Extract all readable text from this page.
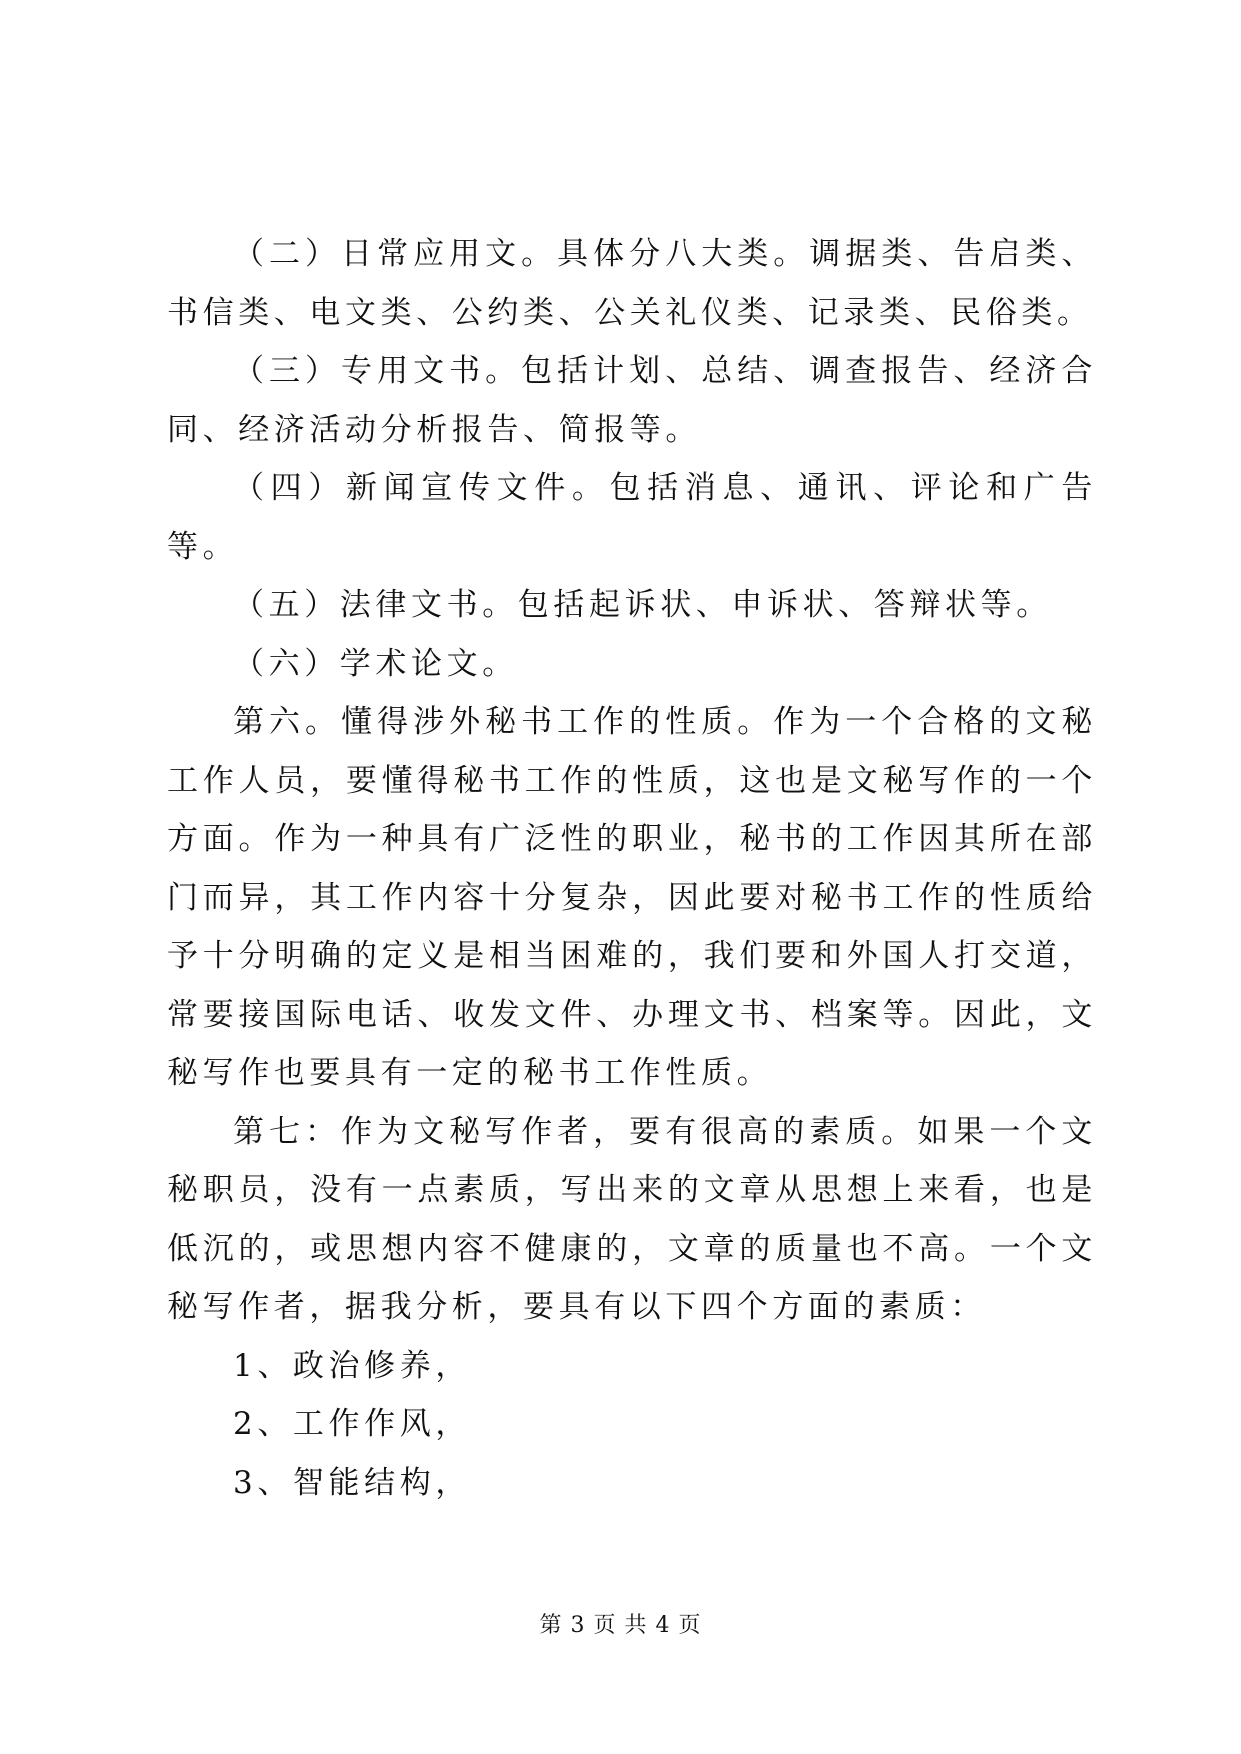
（二）日常应用文。具体分八大类。调据类、告启类、书信类、电文类、公约类、公关礼仪类、记录类、民俗类。

（三）专用文书。包括计划、总结、调查报告、经济合同、经济活动分析报告、简报等。

（四）新闻宣传文件。包括消息、通讯、评论和广告等。

（五）法律文书。包括起诉状、申诉状、答辩状等。

（六）学术论文。

第六。懂得涉外秘书工作的性质。作为一个合格的文秘工作人员，要懂得秘书工作的性质，这也是文秘写作的一个方面。作为一种具有广泛性的职业，秘书的工作因其所在部门而异，其工作内容十分复杂，因此要对秘书工作的性质给予十分明确的定义是相当困难的，我们要和外国人打交道，常要接国际电话、收发文件、办理文书、档案等。因此，文秘写作也要具有一定的秘书工作性质。

第七：作为文秘写作者，要有很高的素质。如果一个文秘职员，没有一点素质，写出来的文章从思想上来看，也是低沉的，或思想内容不健康的，文章的质量也不高。一个文秘写作者，据我分析，要具有以下四个方面的素质：

1、政治修养，

2、工作作风，

3、智能结构，

第 3 页 共 4 页
